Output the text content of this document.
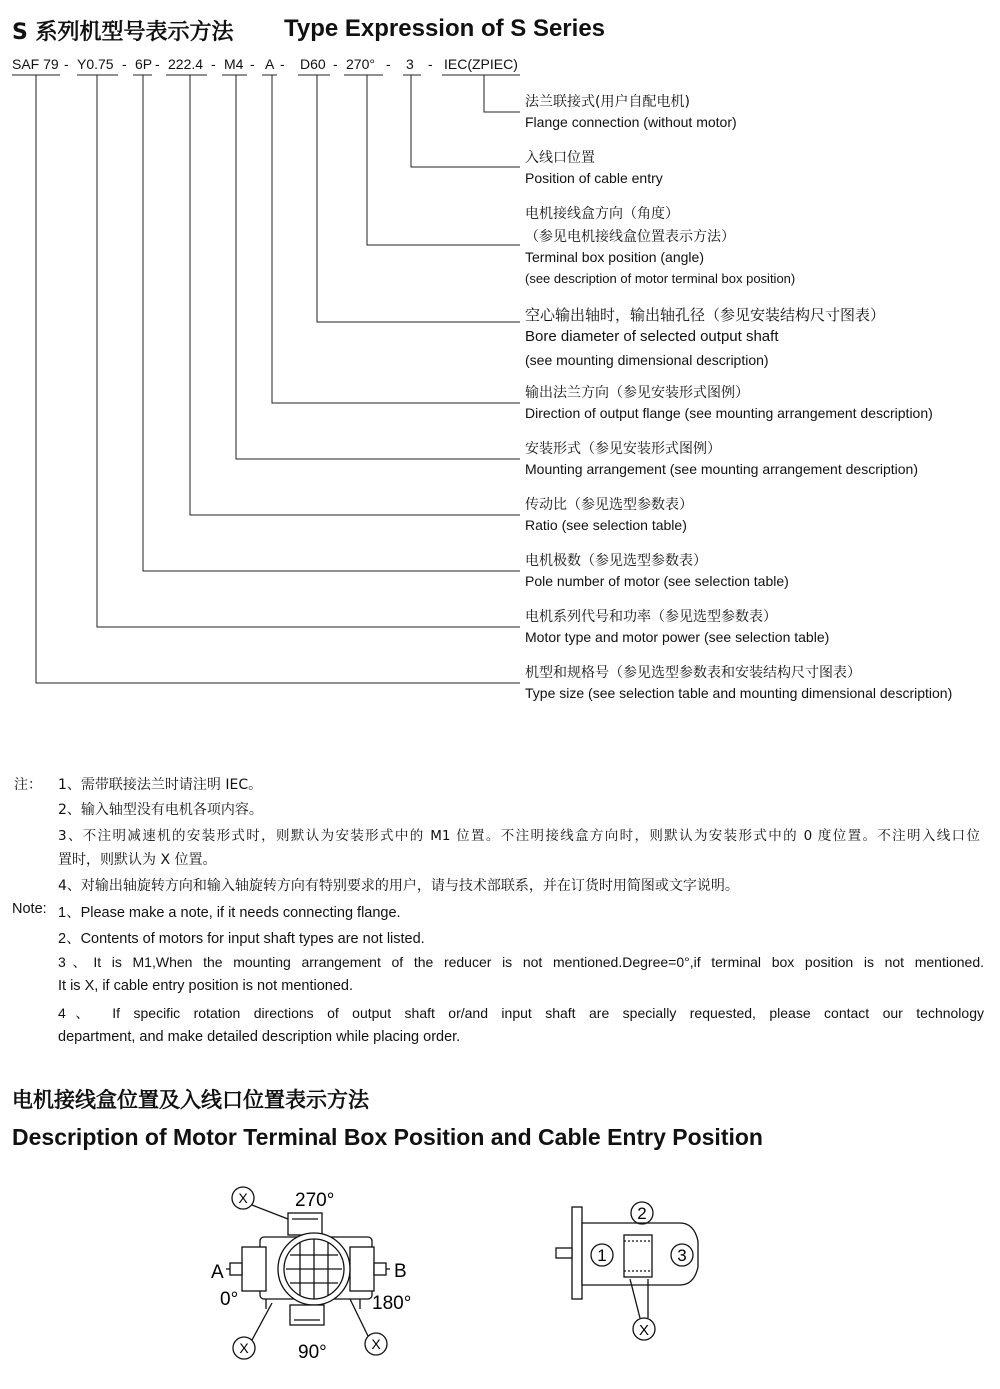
S 系列机型号表示方法 Type Expression of S Series
SAF 79 - Y0.75 - 6P - 222.4 - M4 - A - D60 - 270° - 3 - IEC(ZPIEC)
法兰联接式(用户自配电机)
Flange connection (without motor)
入线口位置
Position of cable entry
电机接线盒方向（角度）
（参见电机接线盒位置表示方法）
Terminal box position (angle)
(see description of motor terminal box position)
空心输出轴时，输出轴孔径（参见安装结构尺寸图表）
Bore diameter of selected output shaft
(see mounting dimensional description)
输出法兰方向（参见安装形式图例）
Direction of output flange (see mounting arrangement description)
安装形式（参见安装形式图例）
Mounting arrangement (see mounting arrangement description)
传动比（参见选型参数表）
Ratio (see selection table)
电机极数（参见选型参数表）
Pole number of motor (see selection table)
电机系列代号和功率（参见选型参数表）
Motor type and motor power (see selection table)
机型和规格号（参见选型参数表和安装结构尺寸图表）
Type size (see selection table and mounting dimensional description)
注： 1、需带联接法兰时请注明 IEC。
2、输入轴型没有电机各项内容。
3、不注明减速机的安装形式时，则默认为安装形式中的 M1 位置。不注明接线盒方向时，则默认为安装形式中的 0 度位置。不注明入线口位
置时，则默认为 X 位置。
4、对输出轴旋转方向和输入轴旋转方向有特别要求的用户，请与技术部联系，并在订货时用简图或文字说明。
Note: 1、Please make a note, if it needs connecting flange.
2、Contents of motors for input shaft types are not listed.
3、It is M1,When the mounting arrangement of the reducer is not mentioned.Degree=0°,if terminal box position is not mentioned.
It is X, if cable entry position is not mentioned.
4、 If specific rotation directions of output shaft or/and input shaft are specially requested, please contact our technology
department, and make detailed description while placing order.
电机接线盒位置及入线口位置表示方法
Description of Motor Terminal Box Position and Cable Entry Position
X
X	X
270°
90°
A
0°
B
180°
2
1	3
X
